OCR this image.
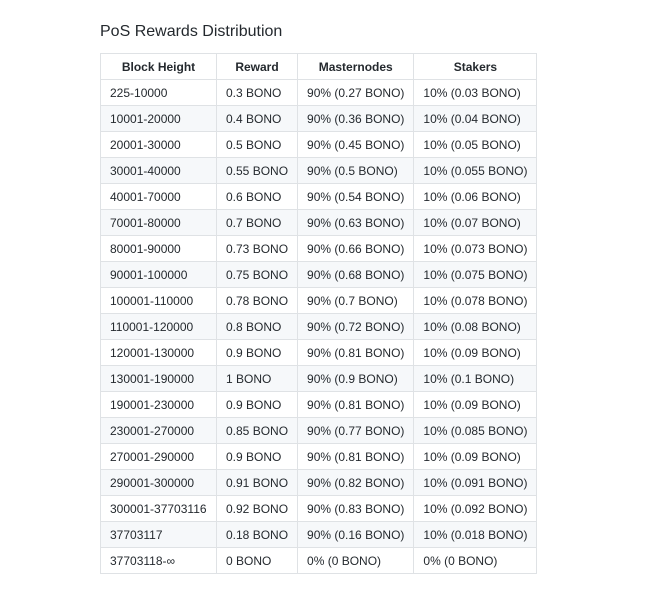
PoS Rewards Distribution
Block Height	Reward	Masternodes	Stakers
225-10000	0.3 BONO	90% (0.27 BONO)	10% (0.03 BONO)
10001-20000	0.4 BONO	90% (0.36 BONO)	10% (0.04 BONO)
20001-30000	0.5 BONO	90% (0.45 BONO)	10% (0.05 BONO)
30001-40000	0.55 BONO	90% (0.5 BONO)	10% (0.055 BONO)
40001-70000	0.6 BONO	90% (0.54 BONO)	10% (0.06 BONO)
70001-80000	0.7 BONO	90% (0.63 BONO)	10% (0.07 BONO)
80001-90000	0.73 BONO	90% (0.66 BONO)	10% (0.073 BONO)
90001-100000	0.75 BONO	90% (0.68 BONO)	10% (0.075 BONO)
100001-110000	0.78 BONO	90% (0.7 BONO)	10% (0.078 BONO)
110001-120000	0.8 BONO	90% (0.72 BONO)	10% (0.08 BONO)
120001-130000	0.9 BONO	90% (0.81 BONO)	10% (0.09 BONO)
130001-190000	1 BONO	90% (0.9 BONO)	10% (0.1 BONO)
190001-230000	0.9 BONO	90% (0.81 BONO)	10% (0.09 BONO)
230001-270000	0.85 BONO	90% (0.77 BONO)	10% (0.085 BONO)
270001-290000	0.9 BONO	90% (0.81 BONO)	10% (0.09 BONO)
290001-300000	0.91 BONO	90% (0.82 BONO)	10% (0.091 BONO)
300001-37703116	0.92 BONO	90% (0.83 BONO)	10% (0.092 BONO)
37703117	0.18 BONO	90% (0.16 BONO)	10% (0.018 BONO)
37703118-∞	0 BONO	0% (0 BONO)	0% (0 BONO)
